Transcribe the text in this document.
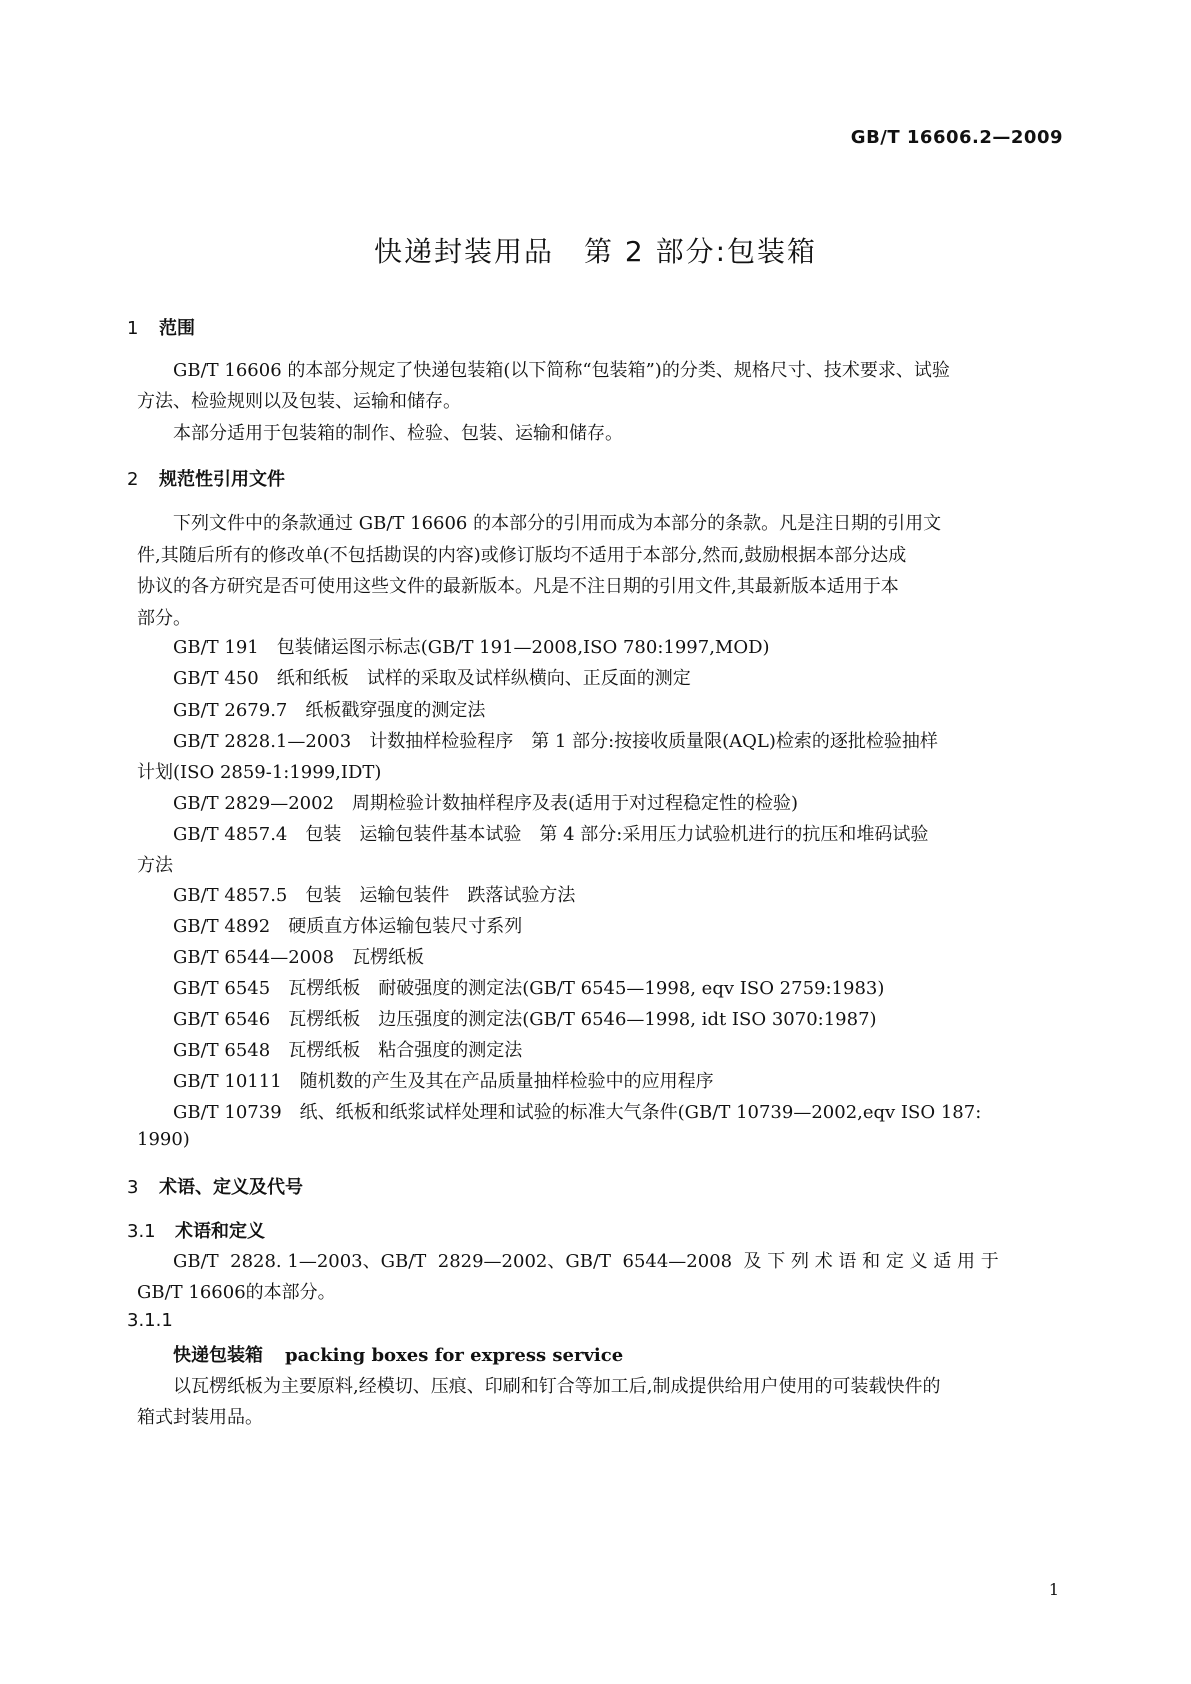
GB/T 16606.2—2009
快递封装用品　第 2 部分:包装箱
1 范围
GB/T 16606 的本部分规定了快递包装箱(以下简称“包装箱”)的分类、规格尺寸、技术要求、试验
方法、检验规则以及包装、运输和储存。
本部分适用于包装箱的制作、检验、包装、运输和储存。
2 规范性引用文件
下列文件中的条款通过 GB/T 16606 的本部分的引用而成为本部分的条款。凡是注日期的引用文
件,其随后所有的修改单(不包括勘误的内容)或修订版均不适用于本部分,然而,鼓励根据本部分达成
协议的各方研究是否可使用这些文件的最新版本。凡是不注日期的引用文件,其最新版本适用于本
部分。
GB/T 191　包装储运图示标志(GB/T 191—2008,ISO 780:1997,MOD)
GB/T 450　纸和纸板　试样的采取及试样纵横向、正反面的测定
GB/T 2679.7　纸板戳穿强度的测定法
GB/T 2828.1—2003　计数抽样检验程序　第 1 部分:按接收质量限(AQL)检索的逐批检验抽样
计划(ISO 2859-1:1999,IDT)
GB/T 2829—2002　周期检验计数抽样程序及表(适用于对过程稳定性的检验)
GB/T 4857.4　包装　运输包装件基本试验　第 4 部分:采用压力试验机进行的抗压和堆码试验
方法
GB/T 4857.5　包装　运输包装件　跌落试验方法
GB/T 4892　硬质直方体运输包装尺寸系列
GB/T 6544—2008　瓦楞纸板
GB/T 6545　瓦楞纸板　耐破强度的测定法(GB/T 6545—1998, eqv ISO 2759:1983)
GB/T 6546　瓦楞纸板　边压强度的测定法(GB/T 6546—1998, idt ISO 3070:1987)
GB/T 6548　瓦楞纸板　粘合强度的测定法
GB/T 10111　随机数的产生及其在产品质量抽样检验中的应用程序
GB/T 10739　纸、纸板和纸浆试样处理和试验的标准大气条件(GB/T 10739—2002,eqv ISO 187:
1990)
3 术语、定义及代号
3.1 术语和定义
GB/T  2828. 1—2003、GB/T  2829—2002、GB/T  6544—2008  及 下 列 术 语 和 定 义 适 用 于
GB/T 16606的本部分。
3.1.1
快递包装箱 packing boxes for express service
以瓦楞纸板为主要原料,经模切、压痕、印刷和钉合等加工后,制成提供给用户使用的可装载快件的
箱式封装用品。
1
